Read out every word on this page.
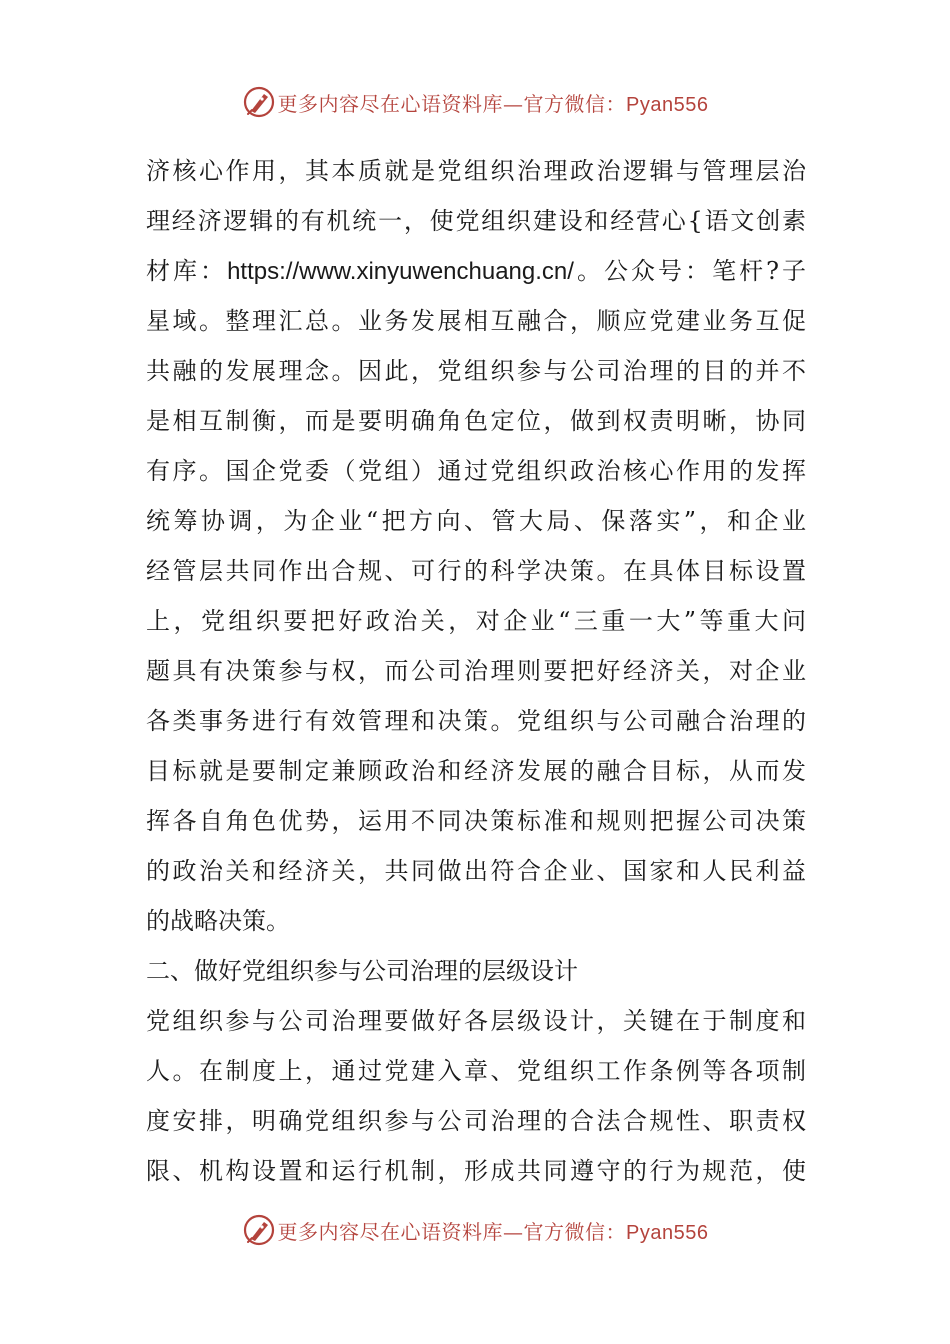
更多内容尽在心语资料库—官方微信：Pyan556
济核心作用，其本质就是党组织治理政治逻辑与管理层治
理经济逻辑的有机统一，使党组织建设和经营心{语文创素
材库：https://www.xinyuwenchuang.cn/。公众号：笔杆?子
星域。整理汇总。业务发展相互融合，顺应党建业务互促
共融的发展理念。因此，党组织参与公司治理的目的并不
是相互制衡，而是要明确角色定位，做到权责明晰，协同
有序。国企党委（党组）通过党组织政治核心作用的发挥
统筹协调，为企业“把方向、管大局、保落实”，和企业
经管层共同作出合规、可行的科学决策。在具体目标设置
上，党组织要把好政治关，对企业“三重一大”等重大问
题具有决策参与权，而公司治理则要把好经济关，对企业
各类事务进行有效管理和决策。党组织与公司融合治理的
目标就是要制定兼顾政治和经济发展的融合目标，从而发
挥各自角色优势，运用不同决策标准和规则把握公司决策
的政治关和经济关，共同做出符合企业、国家和人民利益
的战略决策。
二、做好党组织参与公司治理的层级设计
党组织参与公司治理要做好各层级设计，关键在于制度和
人。在制度上，通过党建入章、党组织工作条例等各项制
度安排，明确党组织参与公司治理的合法合规性、职责权
限、机构设置和运行机制，形成共同遵守的行为规范，使
更多内容尽在心语资料库—官方微信：Pyan556
